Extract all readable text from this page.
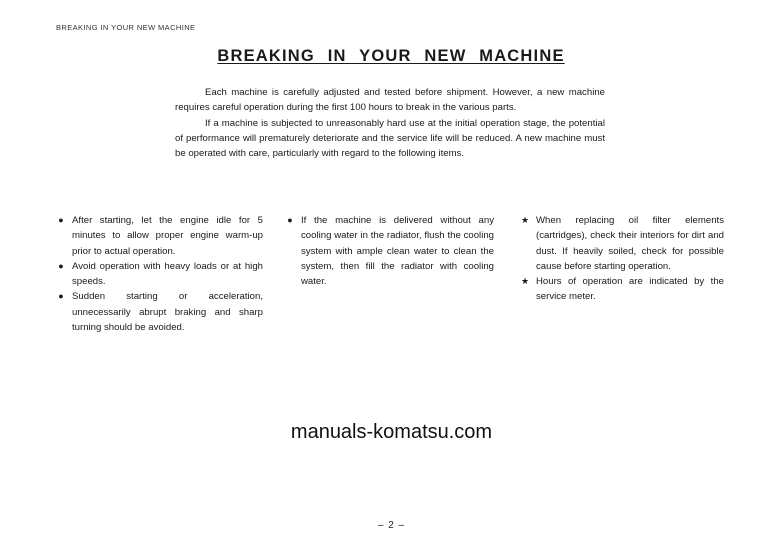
BREAKING IN YOUR NEW MACHINE
BREAKING IN YOUR NEW MACHINE

Each machine is carefully adjusted and tested before shipment. However, a new machine requires careful operation during the first 100 hours to break in the various parts.

If a machine is subjected to unreasonably hard use at the initial operation stage, the potential of performance will prematurely deteriorate and the service life will be reduced. A new machine must be operated with care, particularly with regard to the following items.

● After starting, let the engine idle for 5 minutes to allow proper engine warm-up prior to actual operation.

● Avoid operation with heavy loads or at high speeds.

● Sudden starting or acceleration, unnecessarily abrupt braking and sharp turning should be avoided.

● If the machine is delivered without any cooling water in the radiator, flush the cooling system with ample clean water to clean the system, then fill the radiator with cooling water.

★ When replacing oil filter elements (cartridges), check their interiors for dirt and dust. If heavily soiled, check for possible cause before starting operation.

★ Hours of operation are indicated by the service meter.

manuals-komatsu.com
– 2 –
